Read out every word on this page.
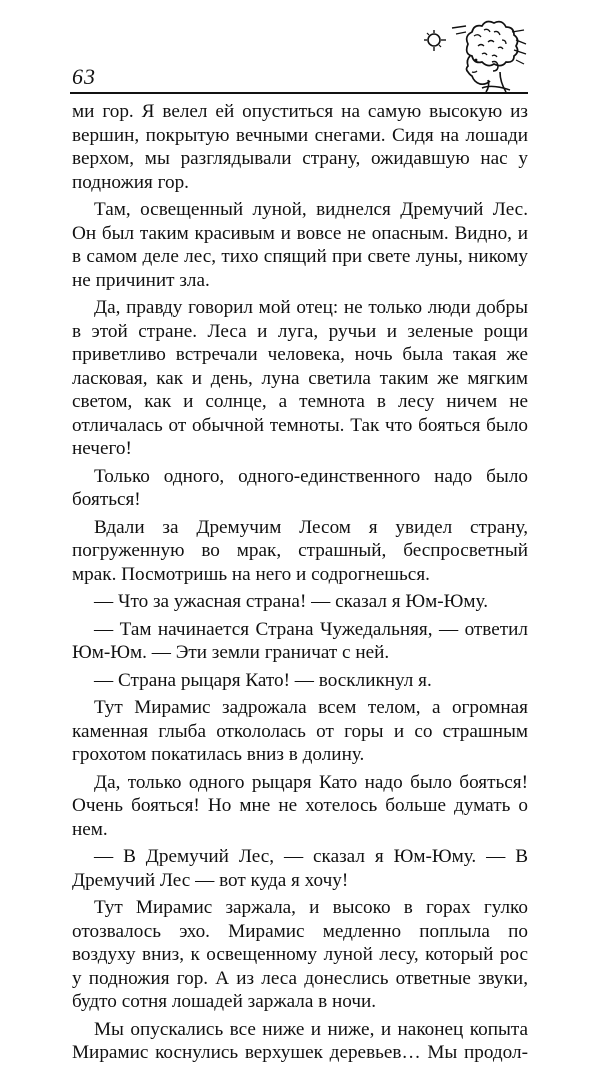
63

ми гор. Я велел ей опуститься на самую высокую из вершин, покрытую вечными снегами. Сидя на лошади верхом, мы разглядывали страну, ожидавшую нас у подножия гор.

Там, освещенный луной, виднелся Дремучий Лес. Он был таким красивым и вовсе не опасным. Видно, и в самом деле лес, тихо спящий при свете луны, никому не причинит зла.

Да, правду говорил мой отец: не только люди добры в этой стране. Леса и луга, ручьи и зеленые рощи приветливо встречали человека, ночь была такая же ласковая, как и день, луна светила таким же мягким светом, как и солнце, а темнота в лесу ничем не отличалась от обычной темноты. Так что бояться было нечего!

Только одного, одного-единственного надо было бояться!

Вдали за Дремучим Лесом я увидел страну, погруженную во мрак, страшный, беспросветный мрак. Посмотришь на него и содрогнешься.

— Что за ужасная страна! — сказал я Юм-Юму.

— Там начинается Страна Чужедальняя, — ответил Юм-Юм. — Эти земли граничат с ней.

— Страна рыцаря Като! — воскликнул я.

Тут Мирамис задрожала всем телом, а огромная каменная глыба откололась от горы и со страшным грохотом покатилась вниз в долину.

Да, только одного рыцаря Като надо было бояться! Очень бояться! Но мне не хотелось больше думать о нем.

— В Дремучий Лес, — сказал я Юм-Юму. — В Дремучий Лес — вот куда я хочу!

Тут Мирамис заржала, и высоко в горах гулко отозвалось эхо. Мирамис медленно поплыла по воздуху вниз, к освещенному луной лесу, который рос у подножия гор. А из леса донеслись ответные звуки, будто сотня лошадей заржала в ночи.

Мы опускались все ниже и ниже, и наконец копыта Мирамис коснулись верхушек деревьев… Мы продол-
